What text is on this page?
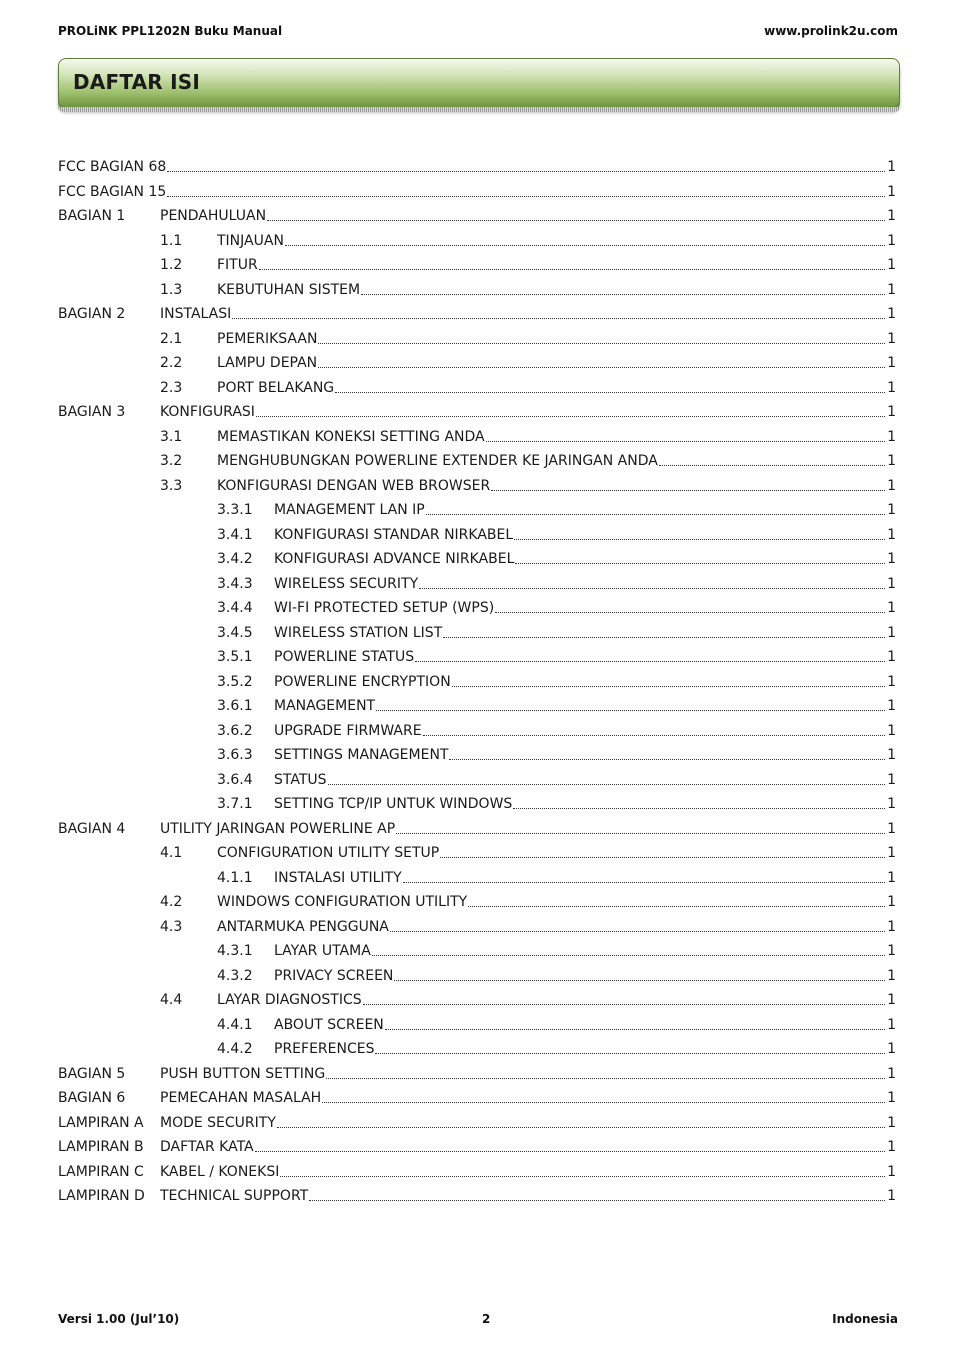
PROLiNK PPL1202N Buku Manual	www.prolink2u.com
DAFTAR ISI
FCC BAGIAN 68	1
FCC BAGIAN 15	1
BAGIAN 1 PENDAHULUAN	1
1.1 TINJAUAN	1
1.2 FITUR	1
1.3 KEBUTUHAN SISTEM	1
BAGIAN 2 INSTALASI	1
2.1 PEMERIKSAAN	1
2.2 LAMPU DEPAN	1
2.3 PORT BELAKANG	1
BAGIAN 3 KONFIGURASI	1
3.1 MEMASTIKAN KONEKSI SETTING ANDA	1
3.2 MENGHUBUNGKAN POWERLINE EXTENDER KE JARINGAN ANDA	1
3.3 KONFIGURASI DENGAN WEB BROWSER	1
3.3.1 MANAGEMENT LAN IP	1
3.4.1 KONFIGURASI STANDAR NIRKABEL	1
3.4.2 KONFIGURASI ADVANCE NIRKABEL	1
3.4.3 WIRELESS SECURITY	1
3.4.4 WI-FI PROTECTED SETUP (WPS)	1
3.4.5 WIRELESS STATION LIST	1
3.5.1 POWERLINE STATUS	1
3.5.2 POWERLINE ENCRYPTION	1
3.6.1 MANAGEMENT	1
3.6.2 UPGRADE FIRMWARE	1
3.6.3 SETTINGS MANAGEMENT	1
3.6.4 STATUS	1
3.7.1 SETTING TCP/IP UNTUK WINDOWS	1
BAGIAN 4 UTILITY JARINGAN POWERLINE AP	1
4.1 CONFIGURATION UTILITY SETUP	1
4.1.1 INSTALASI UTILITY	1
4.2 WINDOWS CONFIGURATION UTILITY	1
4.3 ANTARMUKA PENGGUNA	1
4.3.1 LAYAR UTAMA	1
4.3.2 PRIVACY SCREEN	1
4.4 LAYAR DIAGNOSTICS	1
4.4.1 ABOUT SCREEN	1
4.4.2 PREFERENCES	1
BAGIAN 5 PUSH BUTTON SETTING	1
BAGIAN 6 PEMECAHAN MASALAH	1
LAMPIRAN A MODE SECURITY	1
LAMPIRAN B DAFTAR KATA	1
LAMPIRAN C KABEL / KONEKSI	1
LAMPIRAN D TECHNICAL SUPPORT	1
Versi 1.00 (Jul’10)	2	Indonesia
